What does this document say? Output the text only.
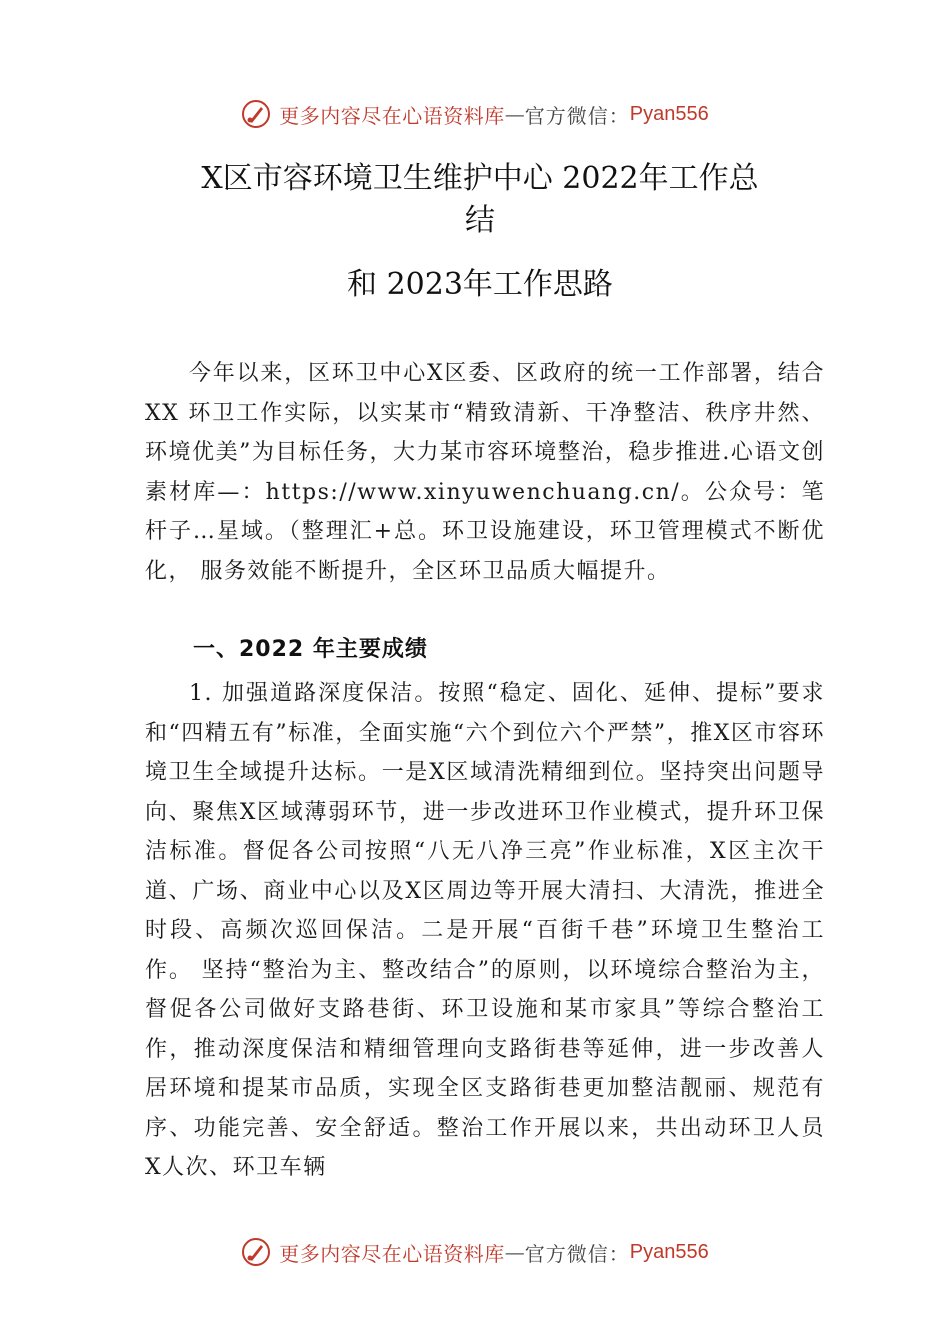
更多内容尽在心语资料库 — 官方微信： Pyan556
X区市容环境卫生维护中心 2022年工作总
结
和 2023年工作思路

今年以来，区环卫中心X区委、区政府的统一工作部署，结合 XX 环卫工作实际，以实某市“精致清新、干净整洁、秩序井然、环境优美”为目标任务，大力某市容环境整治，稳步推进.心语文创素材库—：https://www.xinyuwenchuang.cn/。公众号：笔杆子…星域。（整理汇+总。环卫设施建设，环卫管理模式不断优化， 服务效能不断提升，全区环卫品质大幅提升。

一、2022 年主要成绩

1. 加强道路深度保洁。按照“稳定、固化、延伸、提标”要求和“四精五有”标准，全面实施“六个到位六个严禁”，推X区市容环境卫生全域提升达标。一是X区域清洗精细到位。坚持突出问题导向、聚焦X区域薄弱环节，进一步改进环卫作业模式，提升环卫保洁标准。督促各公司按照“八无八净三亮”作业标准，X区主次干道、广场、商业中心以及X区周边等开展大清扫、大清洗，推进全时段、高频次巡回保洁。二是开展“百街千巷”环境卫生整治工作。 坚持“整治为主、整改结合”的原则，以环境综合整治为主， 督促各公司做好支路巷街、环卫设施和某市家具”等综合整治工作，推动深度保洁和精细管理向支路街巷等延伸，进一步改善人居环境和提某市品质，实现全区支路街巷更加整洁靓丽、规范有序、功能完善、安全舒适。整治工作开展以来，共出动环卫人员 X人次、环卫车辆

更多内容尽在心语资料库 — 官方微信： Pyan556
